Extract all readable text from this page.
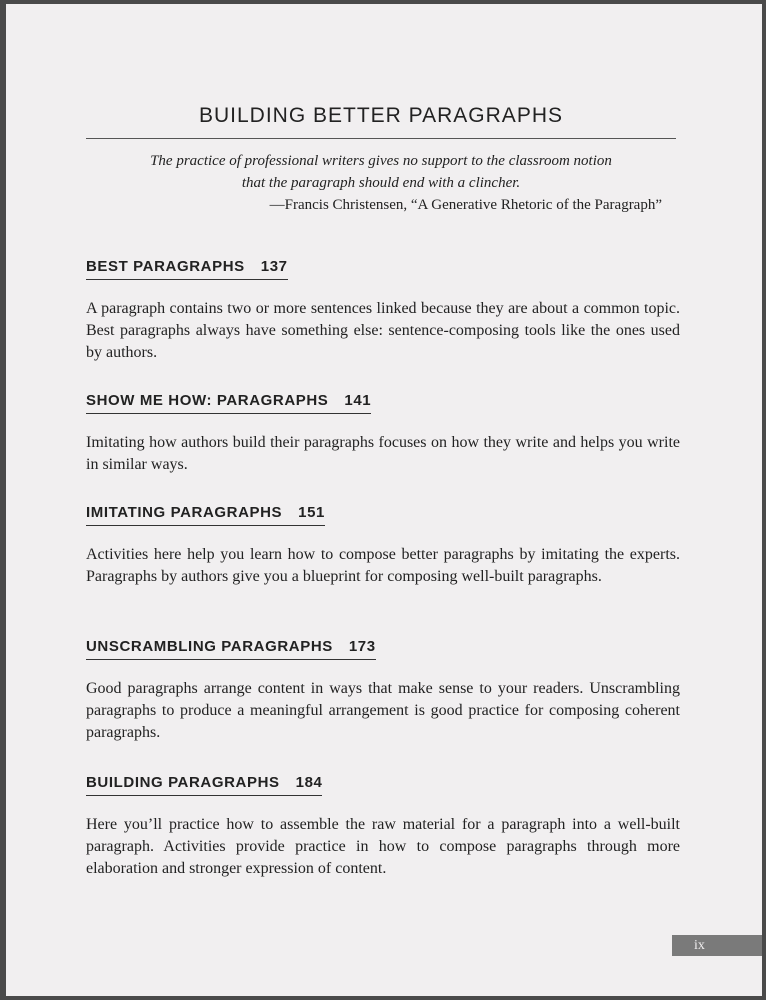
BUILDING BETTER PARAGRAPHS
The practice of professional writers gives no support to the classroom notion
that the paragraph should end with a clincher.
—Francis Christensen, “A Generative Rhetoric of the Paragraph”
BEST PARAGRAPHS 137
A paragraph contains two or more sentences linked because they are about a common topic. Best paragraphs always have something else: sentence-composing tools like the ones used by authors.
SHOW ME HOW: PARAGRAPHS 141
Imitating how authors build their paragraphs focuses on how they write and helps you write in similar ways.
IMITATING PARAGRAPHS 151
Activities here help you learn how to compose better paragraphs by imitating the experts. Paragraphs by authors give you a blueprint for composing well-built paragraphs.
UNSCRAMBLING PARAGRAPHS 173
Good paragraphs arrange content in ways that make sense to your readers. Unscrambling paragraphs to produce a meaningful arrangement is good practice for composing coherent paragraphs.
BUILDING PARAGRAPHS 184
Here you’ll practice how to assemble the raw material for a paragraph into a well-built paragraph. Activities provide practice in how to compose paragraphs through more elaboration and stronger expression of content.
ix
